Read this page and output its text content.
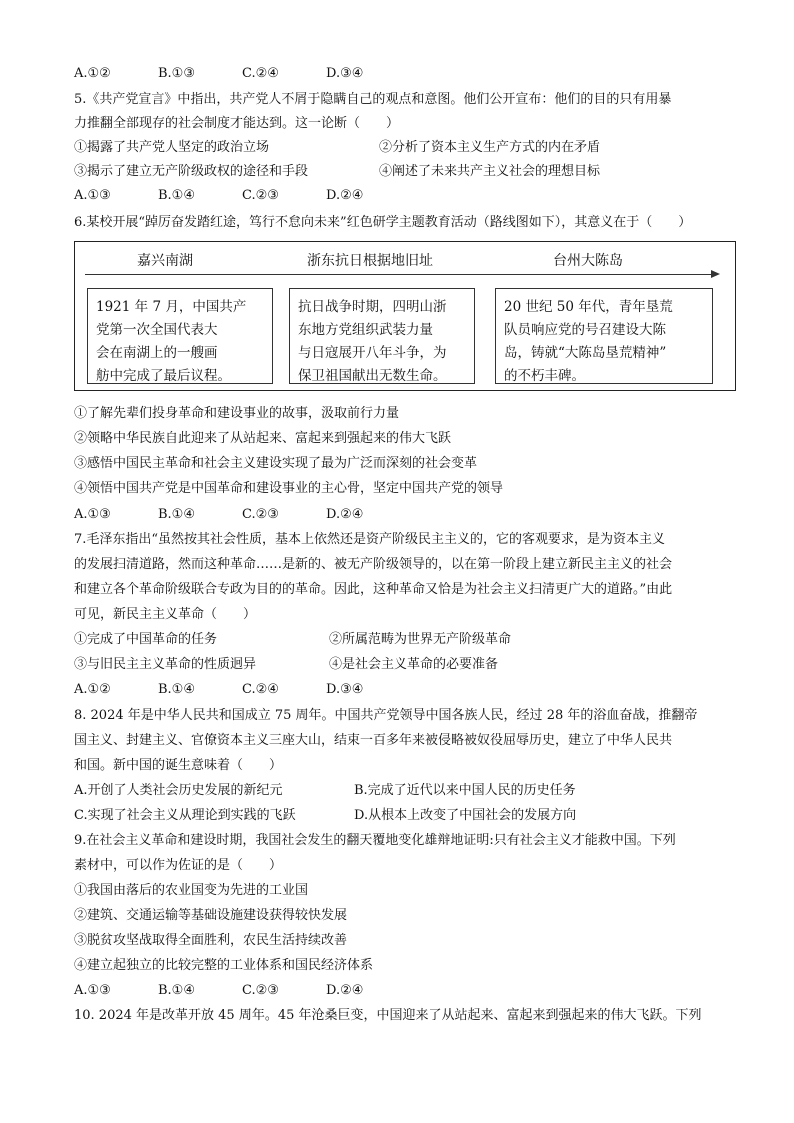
A.①②	B.①③	C.②④	D.③④
5.《共产党宣言》中指出，共产党人不屑于隐瞒自己的观点和意图。他们公开宣布：他们的目的只有用暴
力推翻全部现存的社会制度才能达到。这一论断（　　）
①揭露了共产党人坚定的政治立场	②分析了资本主义生产方式的内在矛盾
③揭示了建立无产阶级政权的途径和手段	④阐述了未来共产主义社会的理想目标
A.①③	B.①④	C.②③	D.②④
6.某校开展“踔厉奋发踏红途，笃行不怠向未来”红色研学主题教育活动（路线图如下），其意义在于（　　）
嘉兴南湖	浙东抗日根据地旧址	台州大陈岛
1921 年 7 月，中国共产
党第一次全国代表大
会在南湖上的一艘画
舫中完成了最后议程。
抗日战争时期，四明山浙
东地方党组织武装力量
与日寇展开八年斗争，为
保卫祖国献出无数生命。
20 世纪 50 年代，青年垦荒
队员响应党的号召建设大陈
岛，铸就“大陈岛垦荒精神”
的不朽丰碑。
①了解先辈们投身革命和建设事业的故事，汲取前行力量
②领略中华民族自此迎来了从站起来、富起来到强起来的伟大飞跃
③感悟中国民主革命和社会主义建设实现了最为广泛而深刻的社会变革
④领悟中国共产党是中国革命和建设事业的主心骨，坚定中国共产党的领导
A.①③	B.①④	C.②③	D.②④
7.毛泽东指出“虽然按其社会性质，基本上依然还是资产阶级民主主义的，它的客观要求，是为资本主义
的发展扫清道路，然而这种革命……是新的、被无产阶级领导的，以在第一阶段上建立新民主主义的社会
和建立各个革命阶级联合专政为目的的革命。因此，这种革命又恰是为社会主义扫清更广大的道路。”由此
可见，新民主主义革命（　　）
①完成了中国革命的任务	②所属范畴为世界无产阶级革命
③与旧民主主义革命的性质迥异	④是社会主义革命的必要准备
A.①②	B.①④	C.②④	D.③④
8. 2024 年是中华人民共和国成立 75 周年。中国共产党领导中国各族人民，经过 28 年的浴血奋战，推翻帝
国主义、封建主义、官僚资本主义三座大山，结束一百多年来被侵略被奴役屈辱历史，建立了中华人民共
和国。新中国的诞生意味着（　　）
A.开创了人类社会历史发展的新纪元	B.完成了近代以来中国人民的历史任务
C.实现了社会主义从理论到实践的飞跃	D.从根本上改变了中国社会的发展方向
9.在社会主义革命和建设时期，我国社会发生的翻天覆地变化雄辩地证明:只有社会主义才能救中国。下列
素材中，可以作为佐证的是（　　）
①我国由落后的农业国变为先进的工业国
②建筑、交通运输等基础设施建设获得较快发展
③脱贫攻坚战取得全面胜利，农民生活持续改善
④建立起独立的比较完整的工业体系和国民经济体系
A.①③	B.①④	C.②③	D.②④
10. 2024 年是改革开放 45 周年。45 年沧桑巨变，中国迎来了从站起来、富起来到强起来的伟大飞跃。下列
